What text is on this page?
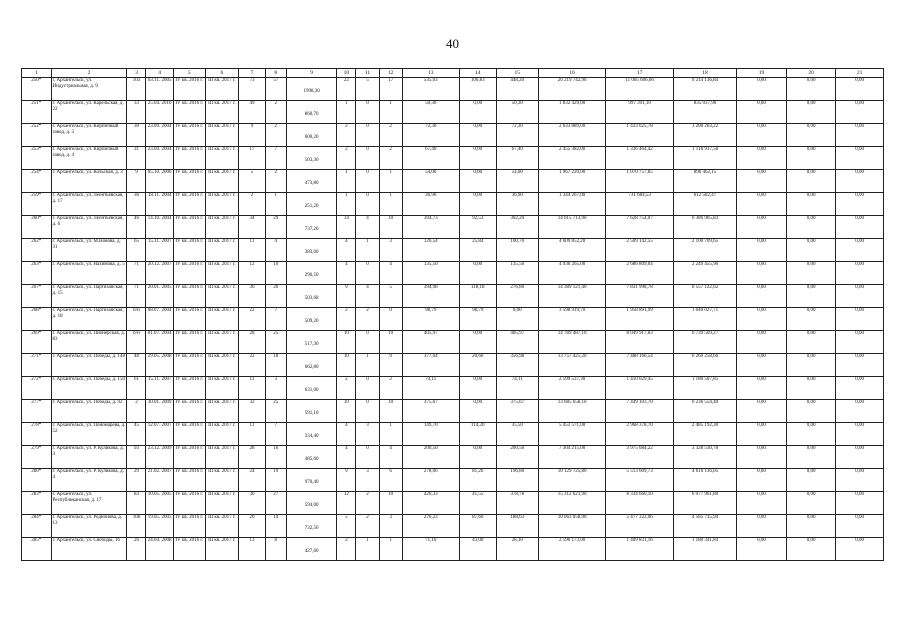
40
1	2	3	4	5	6	7	8	9	10	11	12	13	14	15	16	17	18	19	20	21
250*	г. Архангельск, ул. Индустриальная, д. 9	103	03.11. 2005	IV кв. 2016 г.	III кв. 2017 г.	73	57	1998,30	22	5	17	535,03	106,83	448,20	20 219 742,96	11 005 606,06	9 214 136,84	0,00	0,00	0,00
251*	г. Архангельск, ул. Карельская, д. 22	33	25.04. 2010	IV кв. 2016 г.	III кв. 2017 г.	49	2	860,70	1	0	1	50,30	0,00	50,30	1 832 429,00	997 391,10	835 037,90	0,00	0,00	0,00
252*	г. Архангельск, ул. Кирпичный завод, д. 3	30	23.09. 2004	IV кв. 2016 г.	III кв. 2017 г.	9	2	600,20	2	0	2	72,30	0,00	72,30	2 633 889,00	1 433 625,78	1 200 263,22	0,00	0,00	0,00
253*	г. Архангельск, ул. Кирпичный завод, д. 4	31	23.09. 2004	IV кв. 2016 г.	III кв. 2017 г.	17	7	503,30	2	0	2	67,40	0,00	67,40	2 455 382,00	1 336 464,42	1 118 917,58	0,00	0,00	0,00
254*	г. Архангельск, ул. Кольская, д. 3	9	05.10. 2006	IV кв. 2016 г.	III кв. 2017 г.	5	2	473,80	1	0	1	54,00	0,00	54,00	1 967 220,00	1 070 757,85	896 462,15	0,00	0,00	0,00
259*	г. Архангельск, ул. Леонтьевская, д. 17	36	18.11. 2004	IV кв. 2016 г.	III кв. 2017 г.	2	1	251,20	1	0	1	36,90	0,00	36,90	1 344 267,00	731 684,53	612 582,47	0,00	0,00	0,00
260*	г. Архангельск, ул. Леонтьевская, д. 6	46	14.10. 2004	IV кв. 2016 г.	III кв. 2017 г.	34	29	737,20	14	4	10	394,73	92,53	302,20	14 015 713,90	7 628 754,07	6 386 965,83	0,00	0,00	0,00
262*	г. Архангельск, ул. М.Новова, д. 31	65	15.11. 2007	IV кв. 2016 г.	III кв. 2017 г.	11	4	383,60	4	1	3	126,54	25,84	100,70	4 609 852,20	2 509 142,55	2 100 709,65	0,00	0,00	0,00
263*	г. Архангельск, ул. Нахимова, д. 5	71	20.12. 2007	IV кв. 2016 г.	III кв. 2017 г.	12	10	296,50	4	0	4	135,50	0,00	135,50	4 936 265,00	2 686 809,04	2 249 455,96	0,00	0,00	0,00
267*	г. Архангельск, ул. Партизанская, д. 15	71	20.01. 2005	IV кв. 2016 г.	III кв. 2017 г.	30	26	503,68	9	4	5	394,98	118,18	276,80	14 389 121,40	7 831 998,78	6 557 122,62	0,00	0,00	0,00
268*	г. Архангельск, ул. Партизанская, д. 18	б/н	08.07. 2004	IV кв. 2016 г.	III кв. 2017 г.	22	7	509,20	2	2	0	98,79	98,79	0,00	3 598 919,70	1 958 891,99	1 640 027,71	0,00	0,00	0,00
269*	г. Архангельск, ул. Пионерская, д. 83	б/н	01.07. 2004	IV кв. 2016 г.	III кв. 2017 г.	28	25	517,30	10	0	10	405,97	0,00	405,97	14 789 487,10	8 049 917,83	6 739 569,27	0,00	0,00	0,00
271*	г. Архангельск, ул. Победы, д. 148	48	29.05. 2008	IV кв. 2016 г.	III кв. 2017 г.	22	18	662,80	10	1	9	377,64	20,66	356,98	13 757 425,20	7 488 166,54	6 269 258,66	0,00	0,00	0,00
272*	г. Архангельск, ул. Победы, д. 150	61	15.11. 2007	IV кв. 2016 г.	III кв. 2017 г.	11	3	631,00	2	0	2	74,11	0,00	74,11	2 599 537,30	1 410 029,45	1 180 507,85	0,00	0,00	0,00
277*	г. Архангельск, ул. Победы, д. 92	2	30.01. 2009	IV кв. 2016 г.	III кв. 2017 г.	32	25	591,10	10	0	10	375,67	0,00	375,67	13 685 658,10	7 449 103,70	6 236 554,40	0,00	0,00	0,00
278*	г. Архангельск, ул. Пономарева, д. 52	45	12.07. 2007	IV кв. 2016 г.	III кв. 2017 г.	11	7	334,40	4	3	1	149,70	114,20	35,50	5 453 571,00	2 968 378,70	2 485 192,30	0,00	0,00	0,00
279*	г. Архангельск, ул. Р. Куликова, д. 3	93	23.12. 2009	IV кв. 2016 г.	III кв. 2017 г.	28	16	485,60	4	0	4	200,50	0,00	200,50	7 304 215,00	3 975 684,22	3 328 530,78	0,00	0,00	0,00
280*	г. Архангельск, ул. Р. Куликова, д. 4	29	21.02. 2007	IV кв. 2016 г.	III кв. 2017 г.	24	19	970,40	9	3	6	278,06	81,26	196,80	10 129 725,80	5 513 609,73	4 616 116,05	0,00	0,00	0,00
283*	г. Архангельск, ул. Республиканская, д. 17	83	10.05. 2005	IV кв. 2016 г.	III кв. 2017 г.	30	27	594,00	12	2	10	420,33	41,55	378,78	15 312 621,90	8 334 660,10	6 977 961,80	0,00	0,00	0,00
284*	г. Архангельск, ул. Родионова, д. 13	106	19.05. 2005	IV кв. 2016 г.	III кв. 2017 г.	20	14	732,50	5	2	3	276,23	87,60	188,63	10 063 058,90	5 477 322,06	4 585 735,94	0,00	0,00	0,00
285*	г. Архангельск, ул. Свободы, 16	26	24.04. 2008	IV кв. 2016 г.	III кв. 2017 г.	13	8	427,60	2	1	1	71,10	43,00	28,10	2 590 173,00	1 409 831,16	1 180 341,84	0,00	0,00	0,00
